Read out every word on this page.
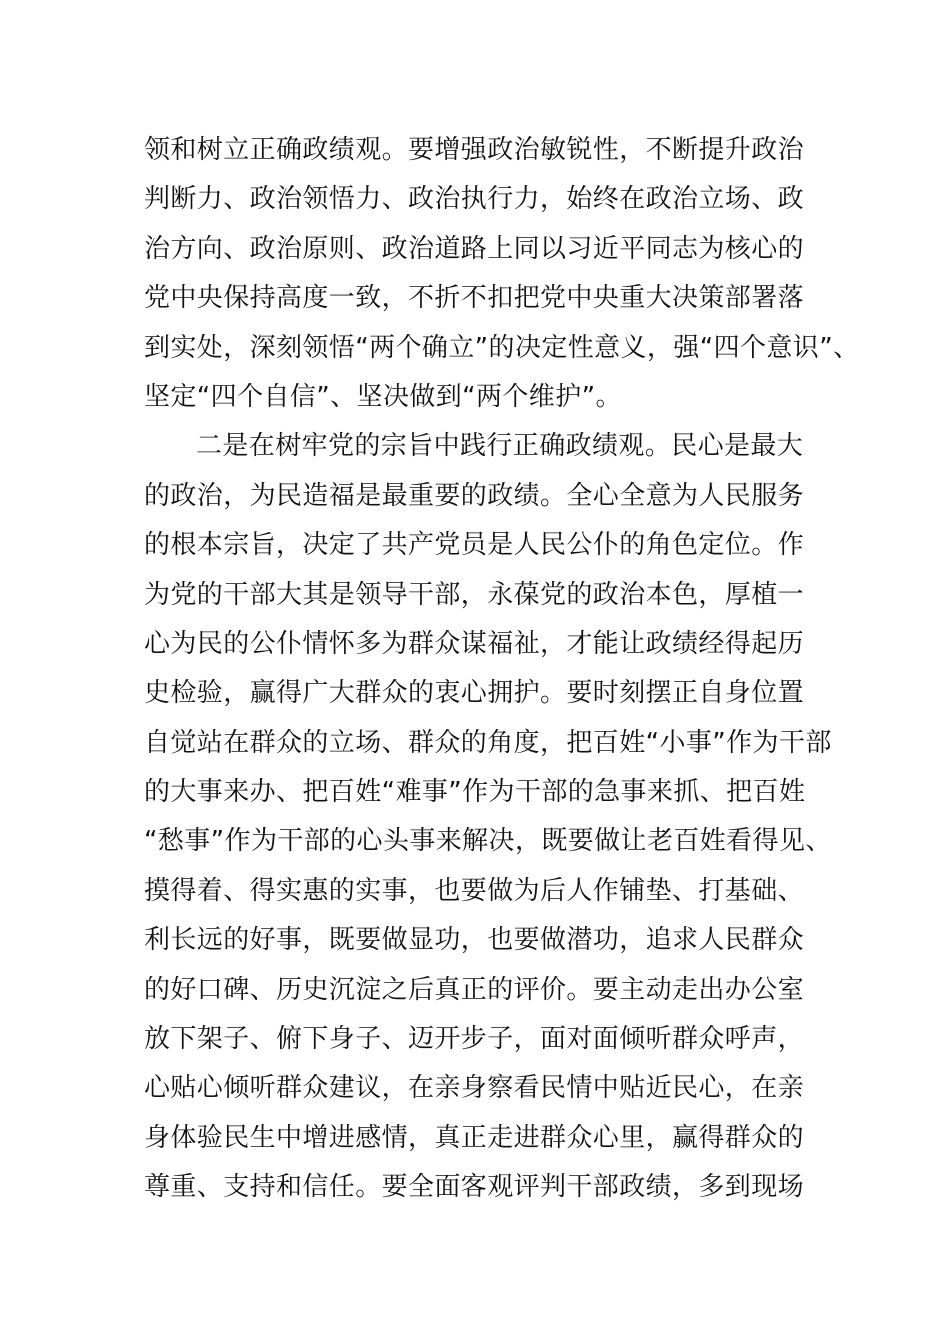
领和树立正确政绩观。要增强政治敏锐性，不断提升政治
判断力、政治领悟力、政治执行力，始终在政治立场、政
治方向、政治原则、政治道路上同以习近平同志为核心的
党中央保持高度一致，不折不扣把党中央重大决策部署落
到实处，深刻领悟“两个确立”的决定性意义，强“四个意识”、
坚定“四个自信”、坚决做到“两个维护”。
二是在树牢党的宗旨中践行正确政绩观。民心是最大
的政治，为民造福是最重要的政绩。全心全意为人民服务
的根本宗旨，决定了共产党员是人民公仆的角色定位。作
为党的干部大其是领导干部，永葆党的政治本色，厚植一
心为民的公仆情怀多为群众谋福祉，才能让政绩经得起历
史检验，赢得广大群众的衷心拥护。要时刻摆正自身位置
自觉站在群众的立场、群众的角度，把百姓“小事”作为干部
的大事来办、把百姓“难事”作为干部的急事来抓、把百姓
“愁事”作为干部的心头事来解决，既要做让老百姓看得见、
摸得着、得实惠的实事，也要做为后人作铺垫、打基础、
利长远的好事，既要做显功，也要做潜功，追求人民群众
的好口碑、历史沉淀之后真正的评价。要主动走出办公室
放下架子、俯下身子、迈开步子，面对面倾听群众呼声，
心贴心倾听群众建议，在亲身察看民情中贴近民心，在亲
身体验民生中增进感情，真正走进群众心里，赢得群众的
尊重、支持和信任。要全面客观评判干部政绩，多到现场
